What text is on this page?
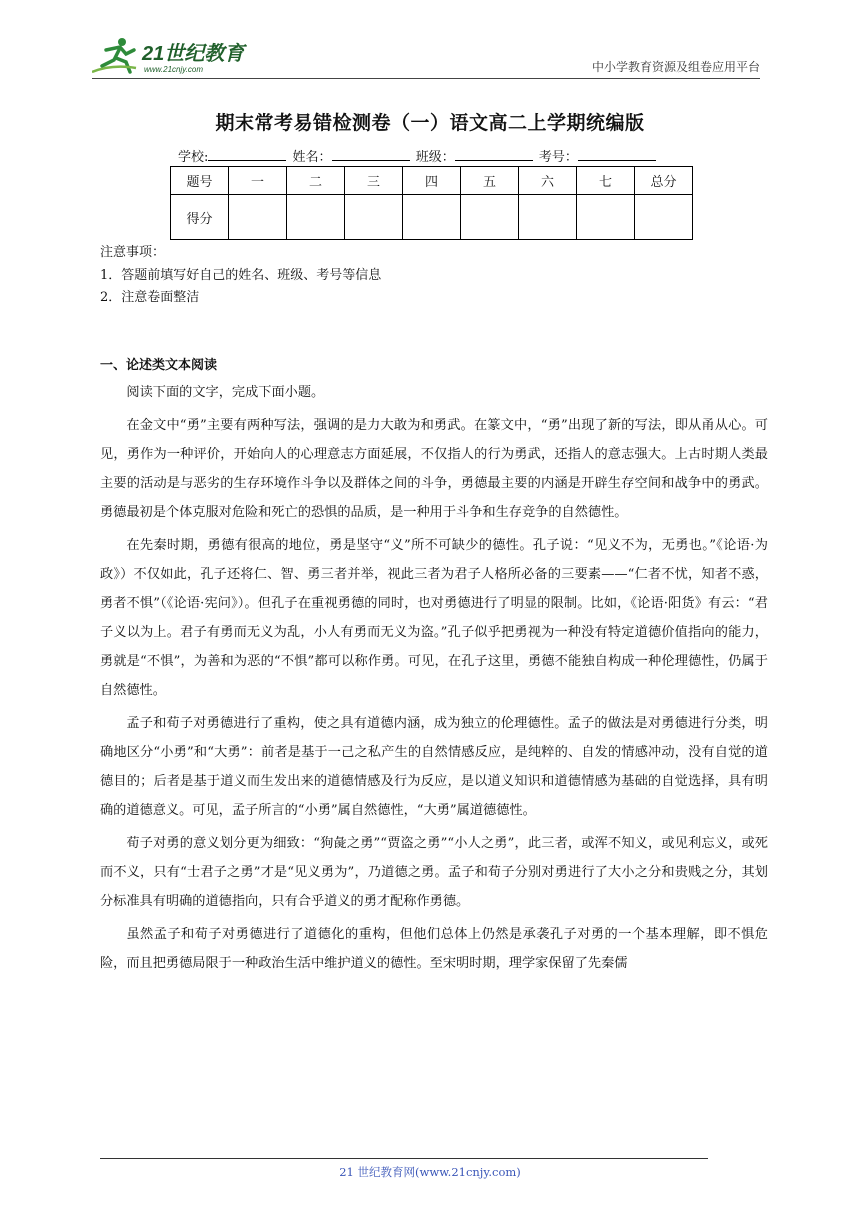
21世纪教育
www.21cnjy.com	中小学教育资源及组卷应用平台
期末常考易错检测卷（一）语文高二上学期统编版
学校:	姓名：	班级：	考号：
题号	一	二	三	四	五	六	七	总分
得分								
注意事项：
1．答题前填写好自己的姓名、班级、考号等信息
2．注意卷面整洁
一、论述类文本阅读

阅读下面的文字，完成下面小题。

在金文中“勇”主要有两种写法，强调的是力大敢为和勇武。在篆文中，“勇”出现了新的写法，即从甬从心。可见，勇作为一种评价，开始向人的心理意志方面延展，不仅指人的行为勇武，还指人的意志强大。上古时期人类最主要的活动是与恶劣的生存环境作斗争以及群体之间的斗争，勇德最主要的内涵是开辟生存空间和战争中的勇武。勇德最初是个体克服对危险和死亡的恐惧的品质，是一种用于斗争和生存竞争的自然德性。

在先秦时期，勇德有很高的地位，勇是坚守“义”所不可缺少的德性。孔子说：“见义不为，无勇也。”《论语·为政》）不仅如此，孔子还将仁、智、勇三者并举，视此三者为君子人格所必备的三要素——“仁者不忧，知者不惑，勇者不惧”（《论语·宪问》）。但孔子在重视勇德的同时，也对勇德进行了明显的限制。比如，《论语·阳货》有云：“君子义以为上。君子有勇而无义为乱，小人有勇而无义为盗。”孔子似乎把勇视为一种没有特定道德价值指向的能力，勇就是“不惧”，为善和为恶的“不惧”都可以称作勇。可见，在孔子这里，勇德不能独自构成一种伦理德性，仍属于自然德性。

孟子和荀子对勇德进行了重构，使之具有道德内涵，成为独立的伦理德性。孟子的做法是对勇德进行分类，明确地区分“小勇”和“大勇”：前者是基于一己之私产生的自然情感反应，是纯粹的、自发的情感冲动，没有自觉的道德目的；后者是基于道义而生发出来的道德情感及行为反应，是以道义知识和道德情感为基础的自觉选择，具有明确的道德意义。可见，孟子所言的“小勇”属自然德性，“大勇”属道德德性。

荀子对勇的意义划分更为细致：“狗彘之勇”“贾盗之勇”“小人之勇”，此三者，或浑不知义，或见利忘义，或死而不义，只有“士君子之勇”才是“见义勇为”，乃道德之勇。孟子和荀子分别对勇进行了大小之分和贵贱之分，其划分标准具有明确的道德指向，只有合乎道义的勇才配称作勇德。

虽然孟子和荀子对勇德进行了道德化的重构，但他们总体上仍然是承袭孔子对勇的一个基本理解，即不惧危险，而且把勇德局限于一种政治生活中维护道义的德性。至宋明时期，理学家保留了先秦儒

21 世纪教育网(www.21cnjy.com)
